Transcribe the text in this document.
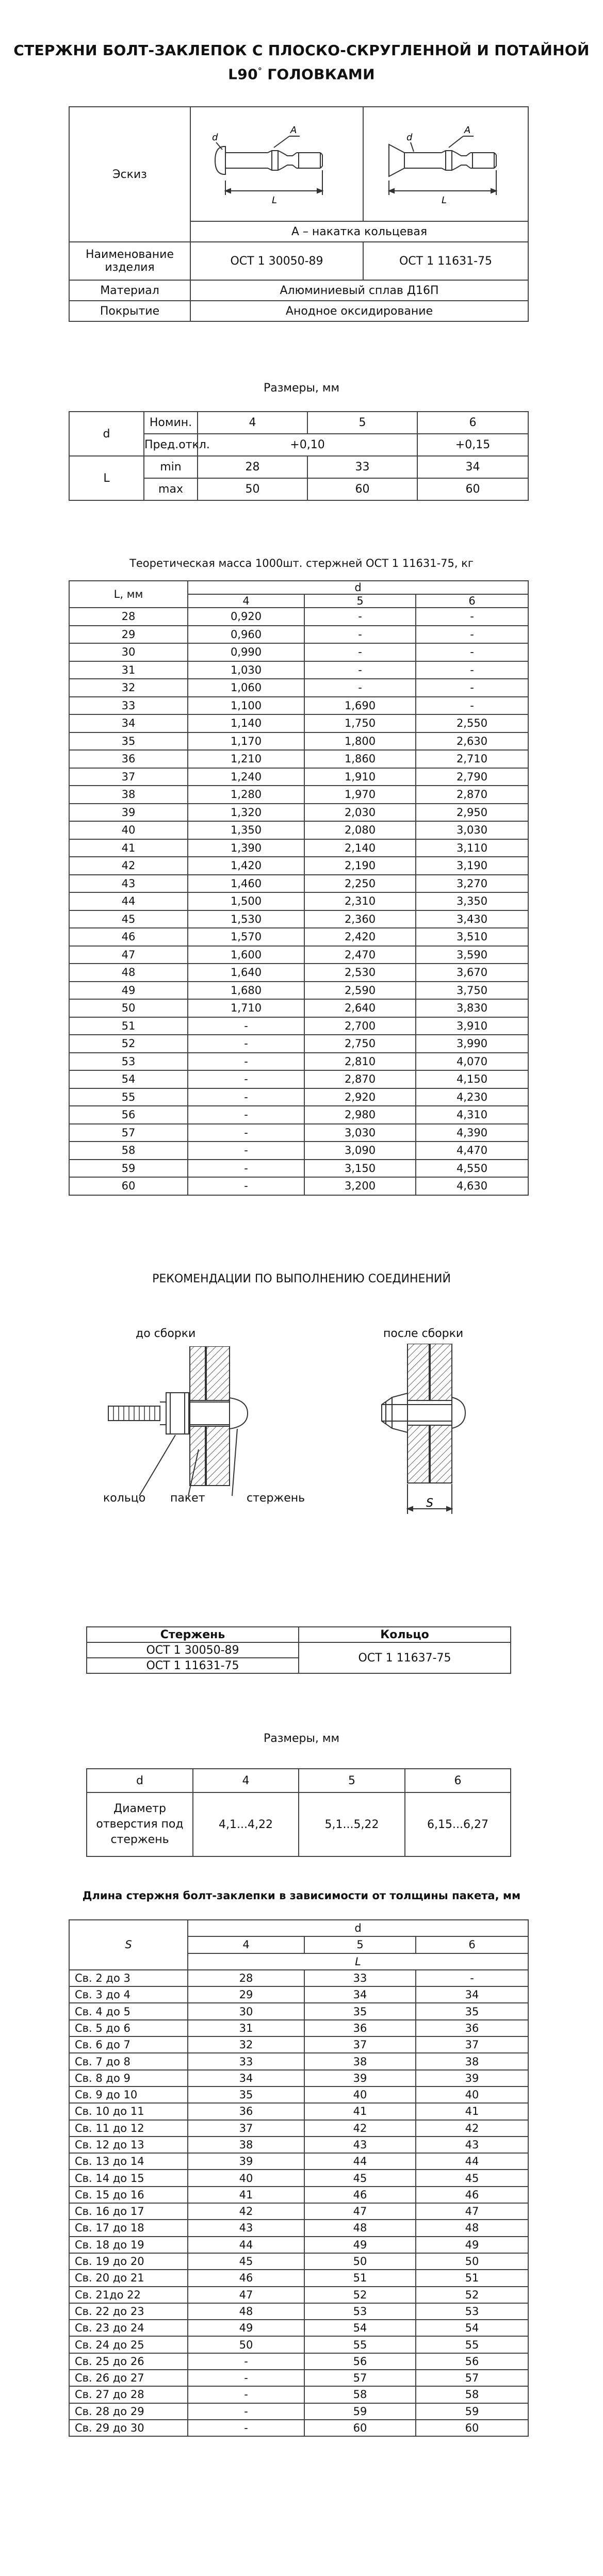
СТЕРЖНИ БОЛТ-ЗАКЛЕПОК С ПЛОСКО-СКРУГЛЕННОЙ И ПОТАЙНОЙ
L90° ГОЛОВКАМИ
Эскиз	d
A
L	d
A
L

	А – накатка кольцевая	
Наименование изделия	ОСТ 1 30050-89	ОСТ 1 11631-75
Материал	Алюминиевый сплав Д16П	
Покрытие	Анодное оксидирование	
Размеры, мм
d	Номин.	4	5	6
	Пред.откл.	+0,10		+0,15
L	min	28	33	34
	max	50	60	60
Теоретическая масса 1000шт. стержней ОСТ 1 11631-75, кг
L, мм	d		
	4	5	6
28	0,920	-	-
29	0,960	-	-
30	0,990	-	-
31	1,030	-	-
32	1,060	-	-
33	1,100	1,690	-
34	1,140	1,750	2,550
35	1,170	1,800	2,630
36	1,210	1,860	2,710
37	1,240	1,910	2,790
38	1,280	1,970	2,870
39	1,320	2,030	2,950
40	1,350	2,080	3,030
41	1,390	2,140	3,110
42	1,420	2,190	3,190
43	1,460	2,250	3,270
44	1,500	2,310	3,350
45	1,530	2,360	3,430
46	1,570	2,420	3,510
47	1,600	2,470	3,590
48	1,640	2,530	3,670
49	1,680	2,590	3,750
50	1,710	2,640	3,830
51	-	2,700	3,910
52	-	2,750	3,990
53	-	2,810	4,070
54	-	2,870	4,150
55	-	2,920	4,230
56	-	2,980	4,310
57	-	3,030	4,390
58	-	3,090	4,470
59	-	3,150	4,550
60	-	3,200	4,630
РЕКОМЕНДАЦИИ ПО ВЫПОЛНЕНИЮ СОЕДИНЕНИЙ
до сборки	после сборки
кольцо пакет	стержень	S
Стержень	Кольцо
ОСТ 1 30050-89	ОСТ 1 11637-75
ОСТ 1 11631-75	
Размеры, мм
d	4	5	6
Диаметр отверстия под стержень	4,1...4,22	5,1...5,22	6,15...6,27
Длина стержня болт-заклепки в зависимости от толщины пакета, мм
S	d		
	4	5	6
	L		
Св. 2 до 3	28	33	-
Св. 3 до 4	29	34	34
Св. 4 до 5	30	35	35
Св. 5 до 6	31	36	36
Св. 6 до 7	32	37	37
Св. 7 до 8	33	38	38
Св. 8 до 9	34	39	39
Св. 9 до 10	35	40	40
Св. 10 до 11	36	41	41
Св. 11 до 12	37	42	42
Св. 12 до 13	38	43	43
Св. 13 до 14	39	44	44
Св. 14 до 15	40	45	45
Св. 15 до 16	41	46	46
Св. 16 до 17	42	47	47
Св. 17 до 18	43	48	48
Св. 18 до 19	44	49	49
Св. 19 до 20	45	50	50
Св. 20 до 21	46	51	51
Св. 21до 22	47	52	52
Св. 22 до 23	48	53	53
Св. 23 до 24	49	54	54
Св. 24 до 25	50	55	55
Св. 25 до 26	-	56	56
Св. 26 до 27	-	57	57
Св. 27 до 28	-	58	58
Св. 28 до 29	-	59	59
Св. 29 до 30	-	60	60
